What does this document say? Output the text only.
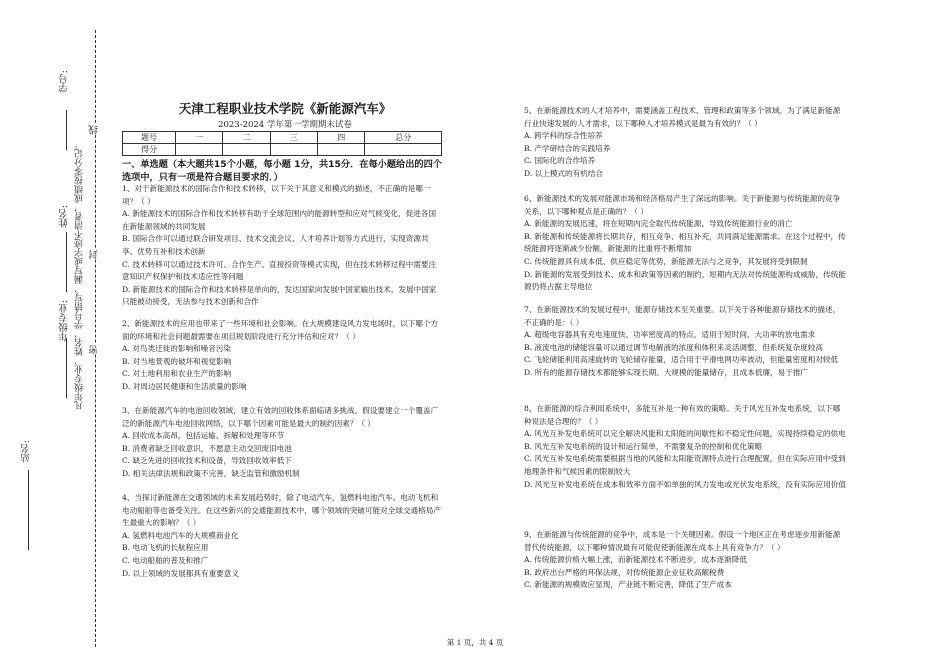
学号:
姓名:
年级专业:
站名:
凡年级专业、姓名、学号错写、漏写或字迹不清者，成绩按零分记。
线
封
密
天津工程职业技术学院《新能源汽车》
2023-2024 学年第一学期期末试卷
题号	一	二	三	四	总分
得分					
一、单选题（本大题共15个小题，每小题 1分，共15分．在每小题给出的四个选项中，只有一项是符合题目要求的．）

1、对于新能源技术的国际合作和技术转移，以下关于其意义和模式的描述，不正确的是哪一项？（ ）

A. 新能源技术的国际合作和技术转移有助于全球范围内的能源转型和应对气候变化，促进各国在新能源领域的共同发展

B. 国际合作可以通过联合研发项目、技术交流会议、人才培养计划等方式进行，实现资源共享、优势互补和技术创新

C. 技术转移可以通过技术许可、合作生产、直接投资等模式实现，但在技术转移过程中需要注意知识产权保护和技术适应性等问题

D. 新能源技术的国际合作和技术转移是单向的，发达国家向发展中国家输出技术，发展中国家只能被动接受，无法参与技术创新和合作

2、新能源技术的应用也带来了一些环境和社会影响。在大规模建设风力发电场时，以下哪个方面的环境和社会问题最需要在项目规划阶段进行充分评估和应对？（ ）

A. 对鸟类迁徙的影响和噪音污染

B. 对当地景观的破坏和视觉影响

C. 对土地利用和农业生产的影响

D. 对周边居民健康和生活质量的影响

3、在新能源汽车的电池回收领域，建立有效的回收体系面临诸多挑战。假设要建立一个覆盖广泛的新能源汽车电池回收网络，以下哪个因素可能是最大的制约因素？（ ）

A. 回收成本高昂，包括运输、拆解和处理等环节

B. 消费者缺乏回收意识，不愿意主动交回废旧电池

C. 缺乏先进的回收技术和设备，导致回收效率低下

D. 相关法律法规和政策不完善，缺乏监管和激励机制

4、当探讨新能源在交通领域的未来发展趋势时，除了电动汽车，氢燃料电池汽车、电动飞机和电动船舶等也备受关注。在这些新兴的交通能源技术中，哪个领域的突破可能对全球交通格局产生最重大的影响？（ ）

A. 氢燃料电池汽车的大规模商业化

B. 电动飞机的长航程应用

C. 电动船舶的普及和推广

D. 以上领域的发展都具有重要意义

5、在新能源技术的人才培养中，需要涵盖工程技术、管理和政策等多个领域。为了满足新能源行业快速发展的人才需求，以下哪种人才培养模式是最为有效的？（ ）

A. 跨学科的综合性培养

B. 产学研结合的实践培养

C. 国际化的合作培养

D. 以上模式的有机结合

6、新能源技术的发展对能源市场和经济格局产生了深远的影响。关于新能源与传统能源的竞争关系，以下哪种观点是正确的？（ ）

A. 新能源的发展迅速，将在短期内完全取代传统能源，导致传统能源行业的消亡

B. 新能源和传统能源将长期共存，相互竞争、相互补充，共同满足能源需求。在这个过程中，传统能源将逐渐减少份额，新能源的比重将不断增加

C. 传统能源具有成本低、供应稳定等优势，新能源无法与之竞争，其发展将受到限制

D. 新能源的发展受到技术、成本和政策等因素的制约，短期内无法对传统能源构成威胁，传统能源仍将占据主导地位

7、在新能源技术的发展过程中，能源存储技术至关重要。以下关于各种能源存储技术的描述，不正确的是：（ ）

A. 超级电容器具有充电速度快、功率密度高的特点，适用于短时间、大功率的放电需求

B. 液流电池的储能容量可以通过调节电解液的浓度和体积来灵活调整，但系统复杂度较高

C. 飞轮储能利用高速旋转的飞轮储存能量，适合用于平滑电网功率波动，但能量密度相对较低

D. 所有的能源存储技术都能够实现长期、大规模的能量储存，且成本低廉，易于推广

8、在新能源的综合利用系统中，多能互补是一种有效的策略。关于风光互补发电系统，以下哪种说法是合理的？（ ）

A. 风光互补发电系统可以完全解决风能和太阳能的间歇性和不稳定性问题，实现持续稳定的供电

B. 风光互补发电系统的设计和运行简单，不需要复杂的控制和优化策略

C. 风光互补发电系统需要根据当地的风能和太阳能资源特点进行合理配置，但在实际应用中受到地理条件和气候因素的限制较大

D. 风光互补发电系统在成本和效率方面不如单独的风力发电或光伏发电系统，没有实际应用价值

9、在新能源与传统能源的竞争中，成本是一个关键因素。假设一个地区正在考虑逐步用新能源替代传统能源，以下哪种情况最有可能促使新能源在成本上具有竞争力？（ ）

A. 传统能源价格大幅上涨，而新能源技术不断进步，成本逐渐降低

B. 政府出台严格的环保法规，对传统能源企业征收高额税费

C. 新能源的规模效应显现，产业链不断完善，降低了生产成本

第 1 页，共 4 页
